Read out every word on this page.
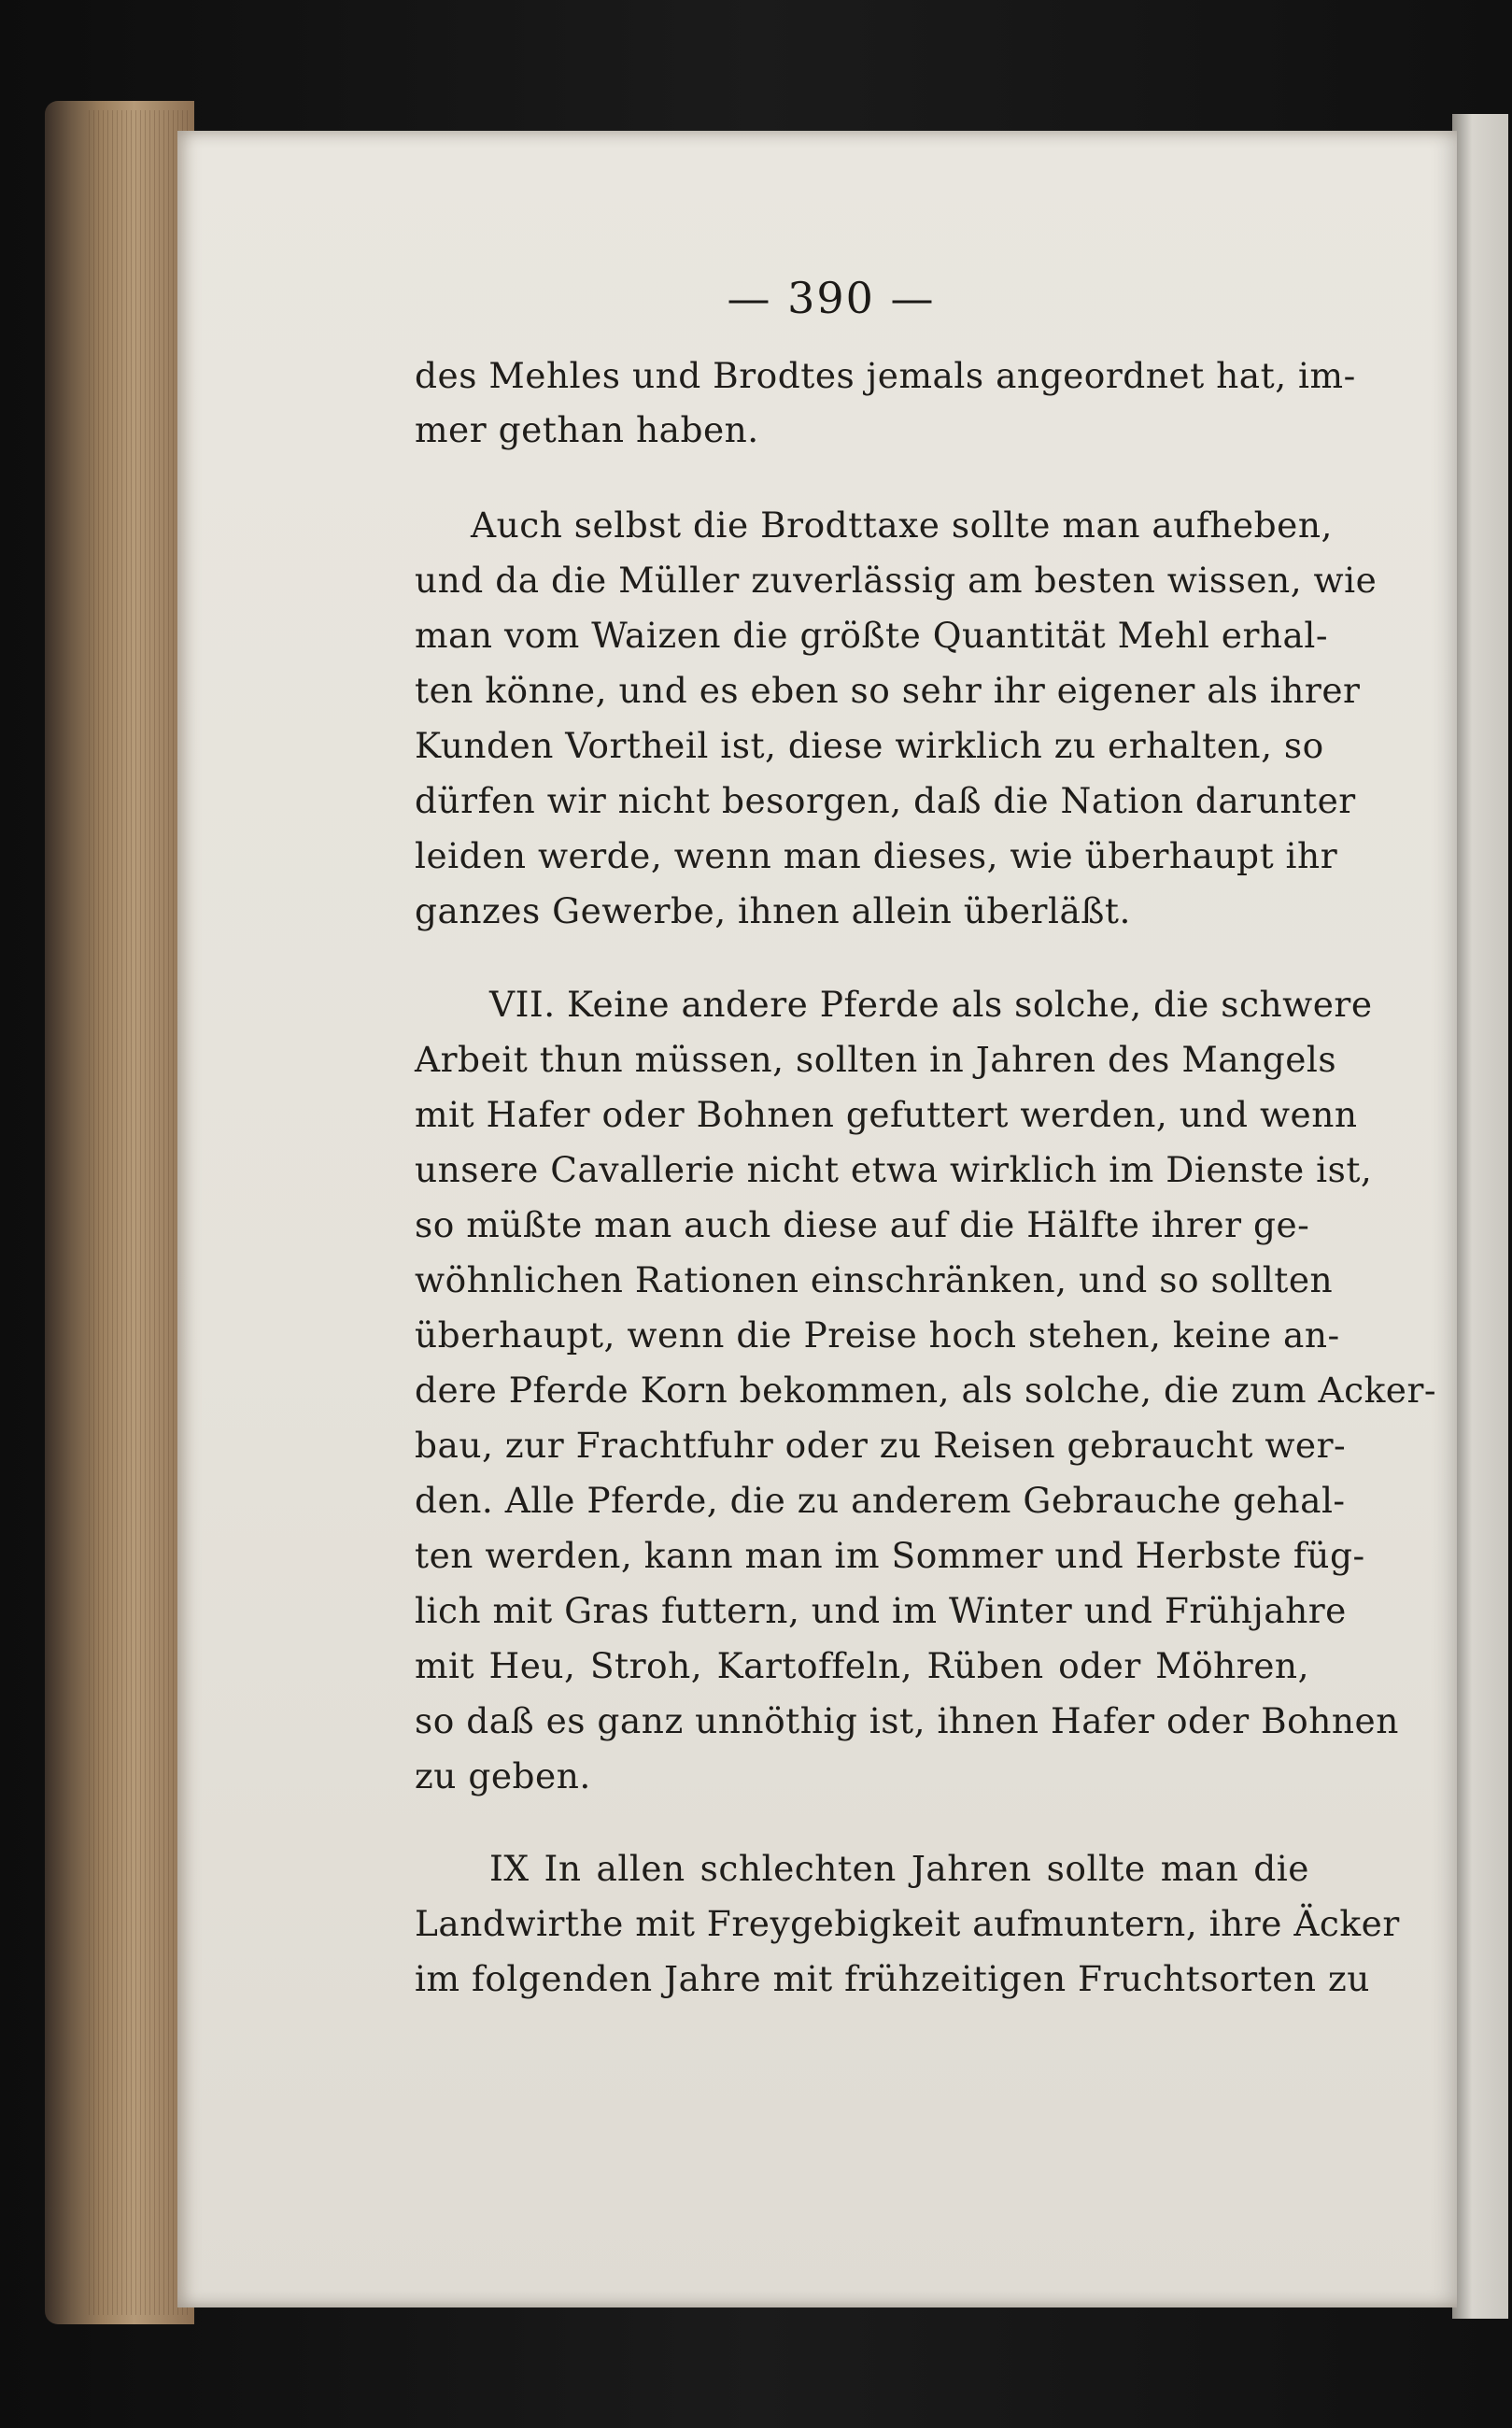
— 390 —
des Mehles und Brodtes jemals angeordnet hat, im-
mer gethan haben.
Auch selbst die Brodttaxe sollte man aufheben,
und da die Müller zuverlässig am besten wissen, wie
man vom Waizen die größte Quantität Mehl erhal-
ten könne, und es eben so sehr ihr eigener als ihrer
Kunden Vortheil ist, diese wirklich zu erhalten, so
dürfen wir nicht besorgen, daß die Nation darunter
leiden werde, wenn man dieses, wie überhaupt ihr
ganzes Gewerbe, ihnen allein überläßt.
VII. Keine andere Pferde als solche, die schwere
Arbeit thun müssen, sollten in Jahren des Mangels
mit Hafer oder Bohnen gefuttert werden, und wenn
unsere Cavallerie nicht etwa wirklich im Dienste ist,
so müßte man auch diese auf die Hälfte ihrer ge-
wöhnlichen Rationen einschränken, und so sollten
überhaupt, wenn die Preise hoch stehen, keine an-
dere Pferde Korn bekommen, als solche, die zum Acker-
bau, zur Frachtfuhr oder zu Reisen gebraucht wer-
den. Alle Pferde, die zu anderem Gebrauche gehal-
ten werden, kann man im Sommer und Herbste füg-
lich mit Gras futtern, und im Winter und Frühjahre
mit Heu, Stroh, Kartoffeln, Rüben oder Möhren,
so daß es ganz unnöthig ist, ihnen Hafer oder Bohnen
zu geben.
IX In allen schlechten Jahren sollte man die
Landwirthe mit Freygebigkeit aufmuntern, ihre Äcker
im folgenden Jahre mit frühzeitigen Fruchtsorten zu
